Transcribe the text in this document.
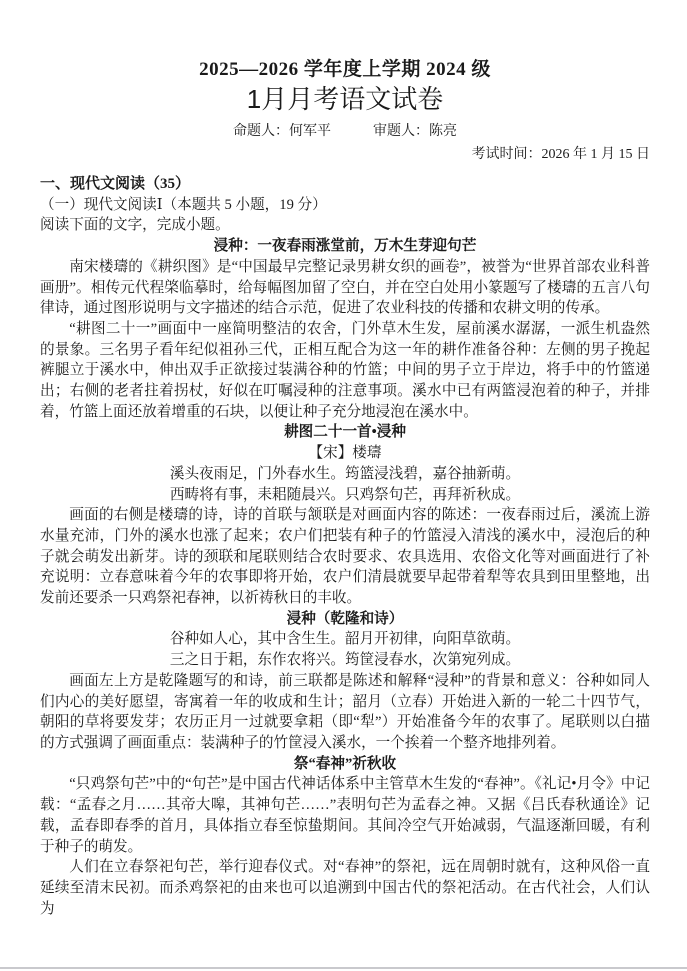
2025—2026 学年度上学期 2024 级
1月月考语文试卷
命题人：何军平	审题人：陈亮
考试时间：2026 年 1 月 15 日
一、现代文阅读（35）
（一）现代文阅读Ⅰ（本题共 5 小题，19 分）
阅读下面的文字，完成小题。
浸种：一夜春雨涨堂前，万木生芽迎句芒

南宋楼璹的《耕织图》是“中国最早完整记录男耕女织的画卷”，被誉为“世界首部农业科普画册”。相传元代程棨临摹时，给每幅图加留了空白，并在空白处用小篆题写了楼璹的五言八句律诗，通过图形说明与文字描述的结合示范，促进了农业科技的传播和农耕文明的传承。

“耕图二十一”画面中一座简明整洁的农舍，门外草木生发，屋前溪水潺潺，一派生机盎然的景象。三名男子看年纪似祖孙三代，正相互配合为这一年的耕作准备谷种：左侧的男子挽起裤腿立于溪水中，伸出双手正欲接过装满谷种的竹篮；中间的男子立于岸边，将手中的竹篮递出；右侧的老者拄着拐杖，好似在叮嘱浸种的注意事项。溪水中已有两篮浸泡着的种子，并排着，竹篮上面还放着增重的石块，以便让种子充分地浸泡在溪水中。

耕图二十一首•浸种
【宋】楼璹
溪头夜雨足，门外春水生。筠篮浸浅碧，嘉谷抽新萌。
西畴将有事，耒耜随晨兴。只鸡祭句芒，再拜祈秋成。

画面的右侧是楼璹的诗，诗的首联与颔联是对画面内容的陈述：一夜春雨过后，溪流上游水量充沛，门外的溪水也涨了起来；农户们把装有种子的竹篮浸入清浅的溪水中，浸泡后的种子就会萌发出新芽。诗的颈联和尾联则结合农时要求、农具选用、农俗文化等对画面进行了补充说明：立春意味着今年的农事即将开始，农户们清晨就要早起带着犁等农具到田里整地，出发前还要杀一只鸡祭祀春神，以祈祷秋日的丰收。

浸种（乾隆和诗）
谷种如人心，其中含生生。韶月开初律，向阳草欲萌。
三之日于耜，东作农将兴。筠筐浸春水，次第宛列成。

画面左上方是乾隆题写的和诗，前三联都是陈述和解释“浸种”的背景和意义：谷种如同人们内心的美好愿望，寄寓着一年的收成和生计；韶月（立春）开始进入新的一轮二十四节气，朝阳的草将要发芽；农历正月一过就要拿耜（即“犁”）开始准备今年的农事了。尾联则以白描的方式强调了画面重点：装满种子的竹筐浸入溪水，一个挨着一个整齐地排列着。

祭“春神”祈秋收

“只鸡祭句芒”中的“句芒”是中国古代神话体系中主管草木生发的“春神”。《礼记•月令》中记载：“孟春之月……其帝大嗥，其神句芒……”表明句芒为孟春之神。又据《吕氏春秋通诠》记载，孟春即春季的首月，具体指立春至惊蛰期间。其间冷空气开始减弱，气温逐渐回暖，有利于种子的萌发。

人们在立春祭祀句芒，举行迎春仪式。对“春神”的祭祀，远在周朝时就有，这种风俗一直延续至清末民初。而杀鸡祭祀的由来也可以追溯到中国古代的祭祀活动。在古代社会，人们认为
